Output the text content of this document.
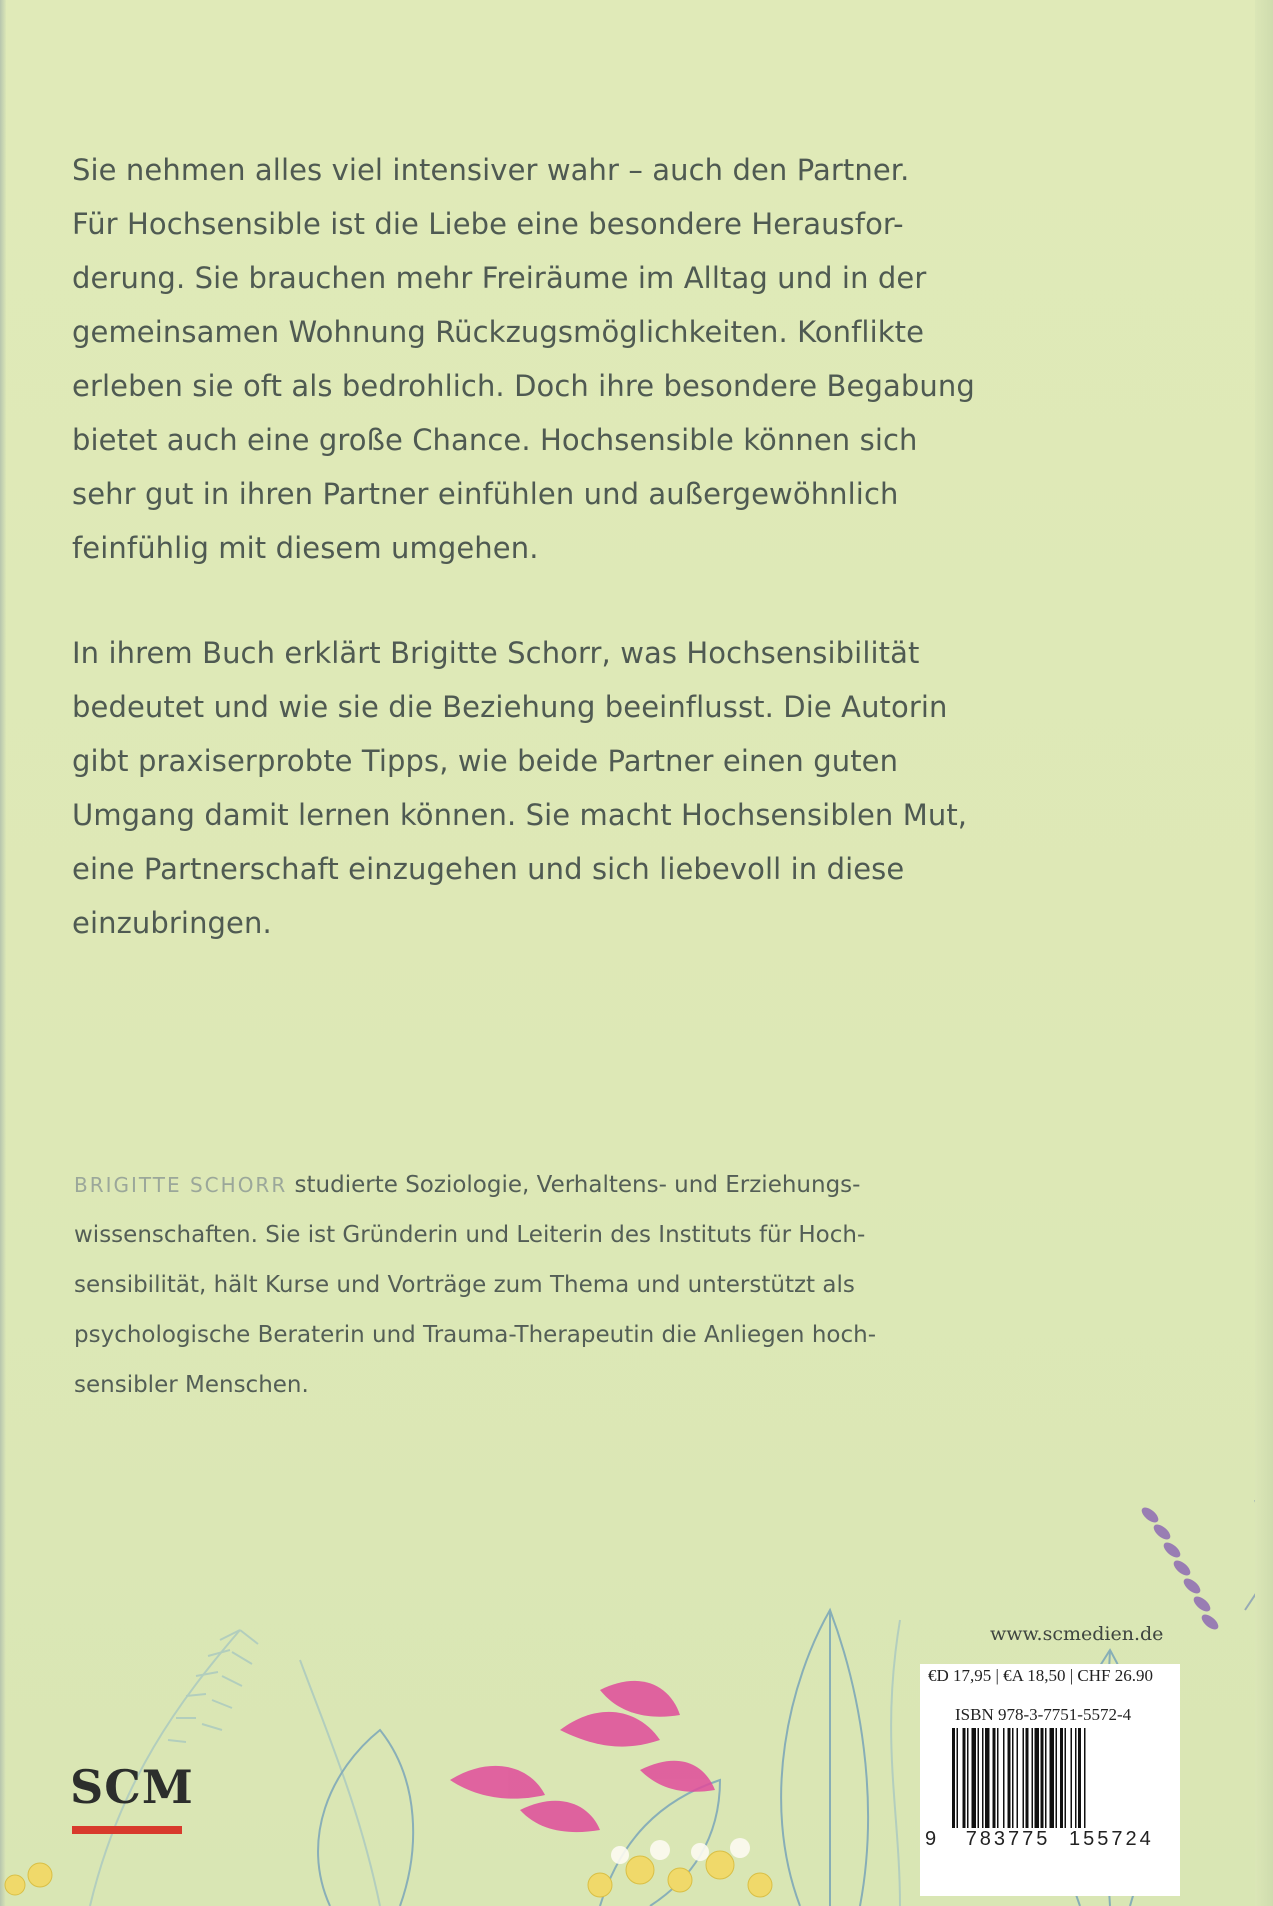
Sie nehmen alles viel intensiver wahr – auch den Partner.

Für Hochsensible ist die Liebe eine besondere Herausfor-

derung. Sie brauchen mehr Freiräume im Alltag und in der

gemeinsamen Wohnung Rückzugsmöglichkeiten. Konflikte

erleben sie oft als bedrohlich. Doch ihre besondere Begabung

bietet auch eine große Chance. Hochsensible können sich

sehr gut in ihren Partner einfühlen und außergewöhnlich

feinfühlig mit diesem umgehen.

In ihrem Buch erklärt Brigitte Schorr, was Hochsensibilität

bedeutet und wie sie die Beziehung beeinflusst. Die Autorin

gibt praxiserprobte Tipps, wie beide Partner einen guten

Umgang damit lernen können. Sie macht Hochsensiblen Mut,

eine Partnerschaft einzugehen und sich liebevoll in diese

einzubringen.

BRIGITTE SCHORR studierte Soziologie, Verhaltens- und Erziehungs-

wissenschaften. Sie ist Gründerin und Leiterin des Instituts für Hoch-

sensibilität, hält Kurse und Vorträge zum Thema und unterstützt als

psychologische Beraterin und Trauma-Therapeutin die Anliegen hoch-

sensibler Menschen.

SCM
www.scmedien.de
€D 17,95 | €A 18,50 | CHF 26.90
ISBN 978-3-7751-5572-4
9 783775 155724
